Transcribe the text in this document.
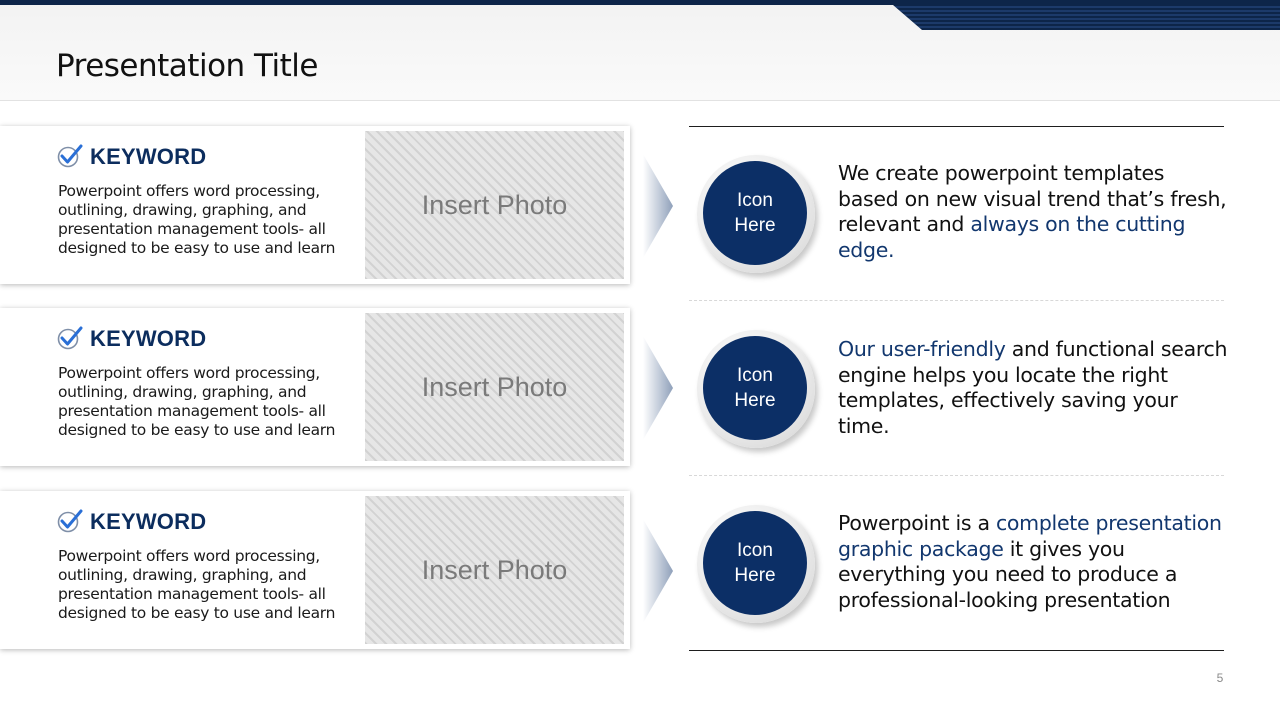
Presentation Title
KEYWORD
Powerpoint offers word processing, outlining, drawing, graphing, and presentation management tools- all designed to be easy to use and learn
Insert Photo
KEYWORD
Powerpoint offers word processing, outlining, drawing, graphing, and presentation management tools- all designed to be easy to use and learn
Insert Photo
KEYWORD
Powerpoint offers word processing, outlining, drawing, graphing, and presentation management tools- all designed to be easy to use and learn
Insert Photo
Icon
Here
Icon
Here
Icon
Here
We create powerpoint templates based on new visual trend that’s fresh, relevant and always on the cutting edge.
Our user-friendly and functional search engine helps you locate the right templates, effectively saving your time.
Powerpoint is a complete presentation graphic package it gives you everything you need to produce a professional-looking presentation
5
